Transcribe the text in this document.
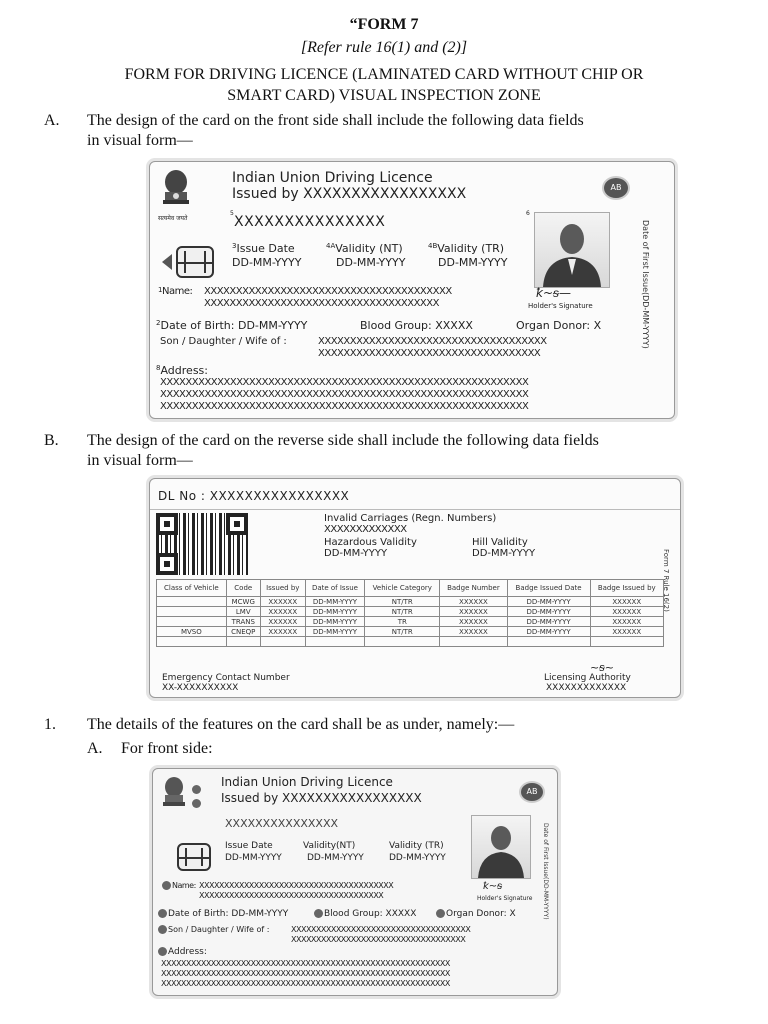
“FORM 7
[Refer rule 16(1) and (2)]
FORM FOR DRIVING LICENCE (LAMINATED CARD WITHOUT CHIP OR
SMART CARD) VISUAL INSPECTION ZONE
A. The design of the card on the front side shall include the following data fields
in visual form—
सत्यमेव जयते
Indian Union Driving Licence
Issued by XXXXXXXXXXXXXXXXX	AB
5
XXXXXXXXXXXXXXX
$^3$Issue Date
DD-MM-YYYY
$^{4A}$Validity (NT)
DD-MM-YYYY
$^{4B}$Validity (TR)
DD-MM-YYYY
6
ꝁ~ᵴ—
Holder's Signature
$^1$Name: XXXXXXXXXXXXXXXXXXXXXXXXXXXXXXXXXXXXXXX
XXXXXXXXXXXXXXXXXXXXXXXXXXXXXXXXXXXXX
$^2$Date of Birth: DD-MM-YYYY	Blood Group: XXXXX	Organ Donor: X
Son / Daughter / Wife of :	XXXXXXXXXXXXXXXXXXXXXXXXXXXXXXXXXXXX
XXXXXXXXXXXXXXXXXXXXXXXXXXXXXXXXXXX
$^8$Address:
XXXXXXXXXXXXXXXXXXXXXXXXXXXXXXXXXXXXXXXXXXXXXXXXXXXXXXXXXX
XXXXXXXXXXXXXXXXXXXXXXXXXXXXXXXXXXXXXXXXXXXXXXXXXXXXXXXXXX
XXXXXXXXXXXXXXXXXXXXXXXXXXXXXXXXXXXXXXXXXXXXXXXXXXXXXXXXXX
Date of First Issue(DD-MM-YYYY)
B. The design of the card on the reverse side shall include the following data fields
in visual form—
DL No : XXXXXXXXXXXXXXXX
Invalid Carriages (Regn. Numbers)
XXXXXXXXXXXXX
Hazardous Validity
DD-MM-YYYY
Hill Validity
DD-MM-YYYY	Form 7 Rule 16(2)
Class of Vehicle	Code	Issued by	Date of Issue	Vehicle Category	Badge Number	Badge Issued Date	Badge Issued by
	MCWG	XXXXXX	DD-MM-YYYY	NT/TR	XXXXXX	DD-MM-YYYY	XXXXXX
	LMV	XXXXXX	DD-MM-YYYY	NT/TR	XXXXXX	DD-MM-YYYY	XXXXXX
	TRANS	XXXXXX	DD-MM-YYYY	TR	XXXXXX	DD-MM-YYYY	XXXXXX
MVSO	CNEQP	XXXXXX	DD-MM-YYYY	NT/TR	XXXXXX	DD-MM-YYYY	XXXXXX

Emergency Contact Number
XX-XXXXXXXXXX
~ᵴ~
Licensing Authority
XXXXXXXXXXXXX
1. The details of the features on the card shall be as under, namely:—
A. For front side:
Indian Union Driving Licence
Issued by XXXXXXXXXXXXXXXXX	AB
XXXXXXXXXXXXXXX
Issue Date
DD-MM-YYYY
Validity(NT)
DD-MM-YYYY
Validity (TR)
DD-MM-YYYY
ꝁ~ᵴ
Holder's Signature
Name: XXXXXXXXXXXXXXXXXXXXXXXXXXXXXXXXXXXXXXX
XXXXXXXXXXXXXXXXXXXXXXXXXXXXXXXXXXXXX
Date of Birth: DD-MM-YYYY	Blood Group: XXXXX	Organ Donor: X
Son / Daughter / Wife of :	XXXXXXXXXXXXXXXXXXXXXXXXXXXXXXXXXXXX
XXXXXXXXXXXXXXXXXXXXXXXXXXXXXXXXXXX
Address:
XXXXXXXXXXXXXXXXXXXXXXXXXXXXXXXXXXXXXXXXXXXXXXXXXXXXXXXXXX
XXXXXXXXXXXXXXXXXXXXXXXXXXXXXXXXXXXXXXXXXXXXXXXXXXXXXXXXXX
XXXXXXXXXXXXXXXXXXXXXXXXXXXXXXXXXXXXXXXXXXXXXXXXXXXXXXXXXX
Date of First Issue(DD-MM-YYYY)
